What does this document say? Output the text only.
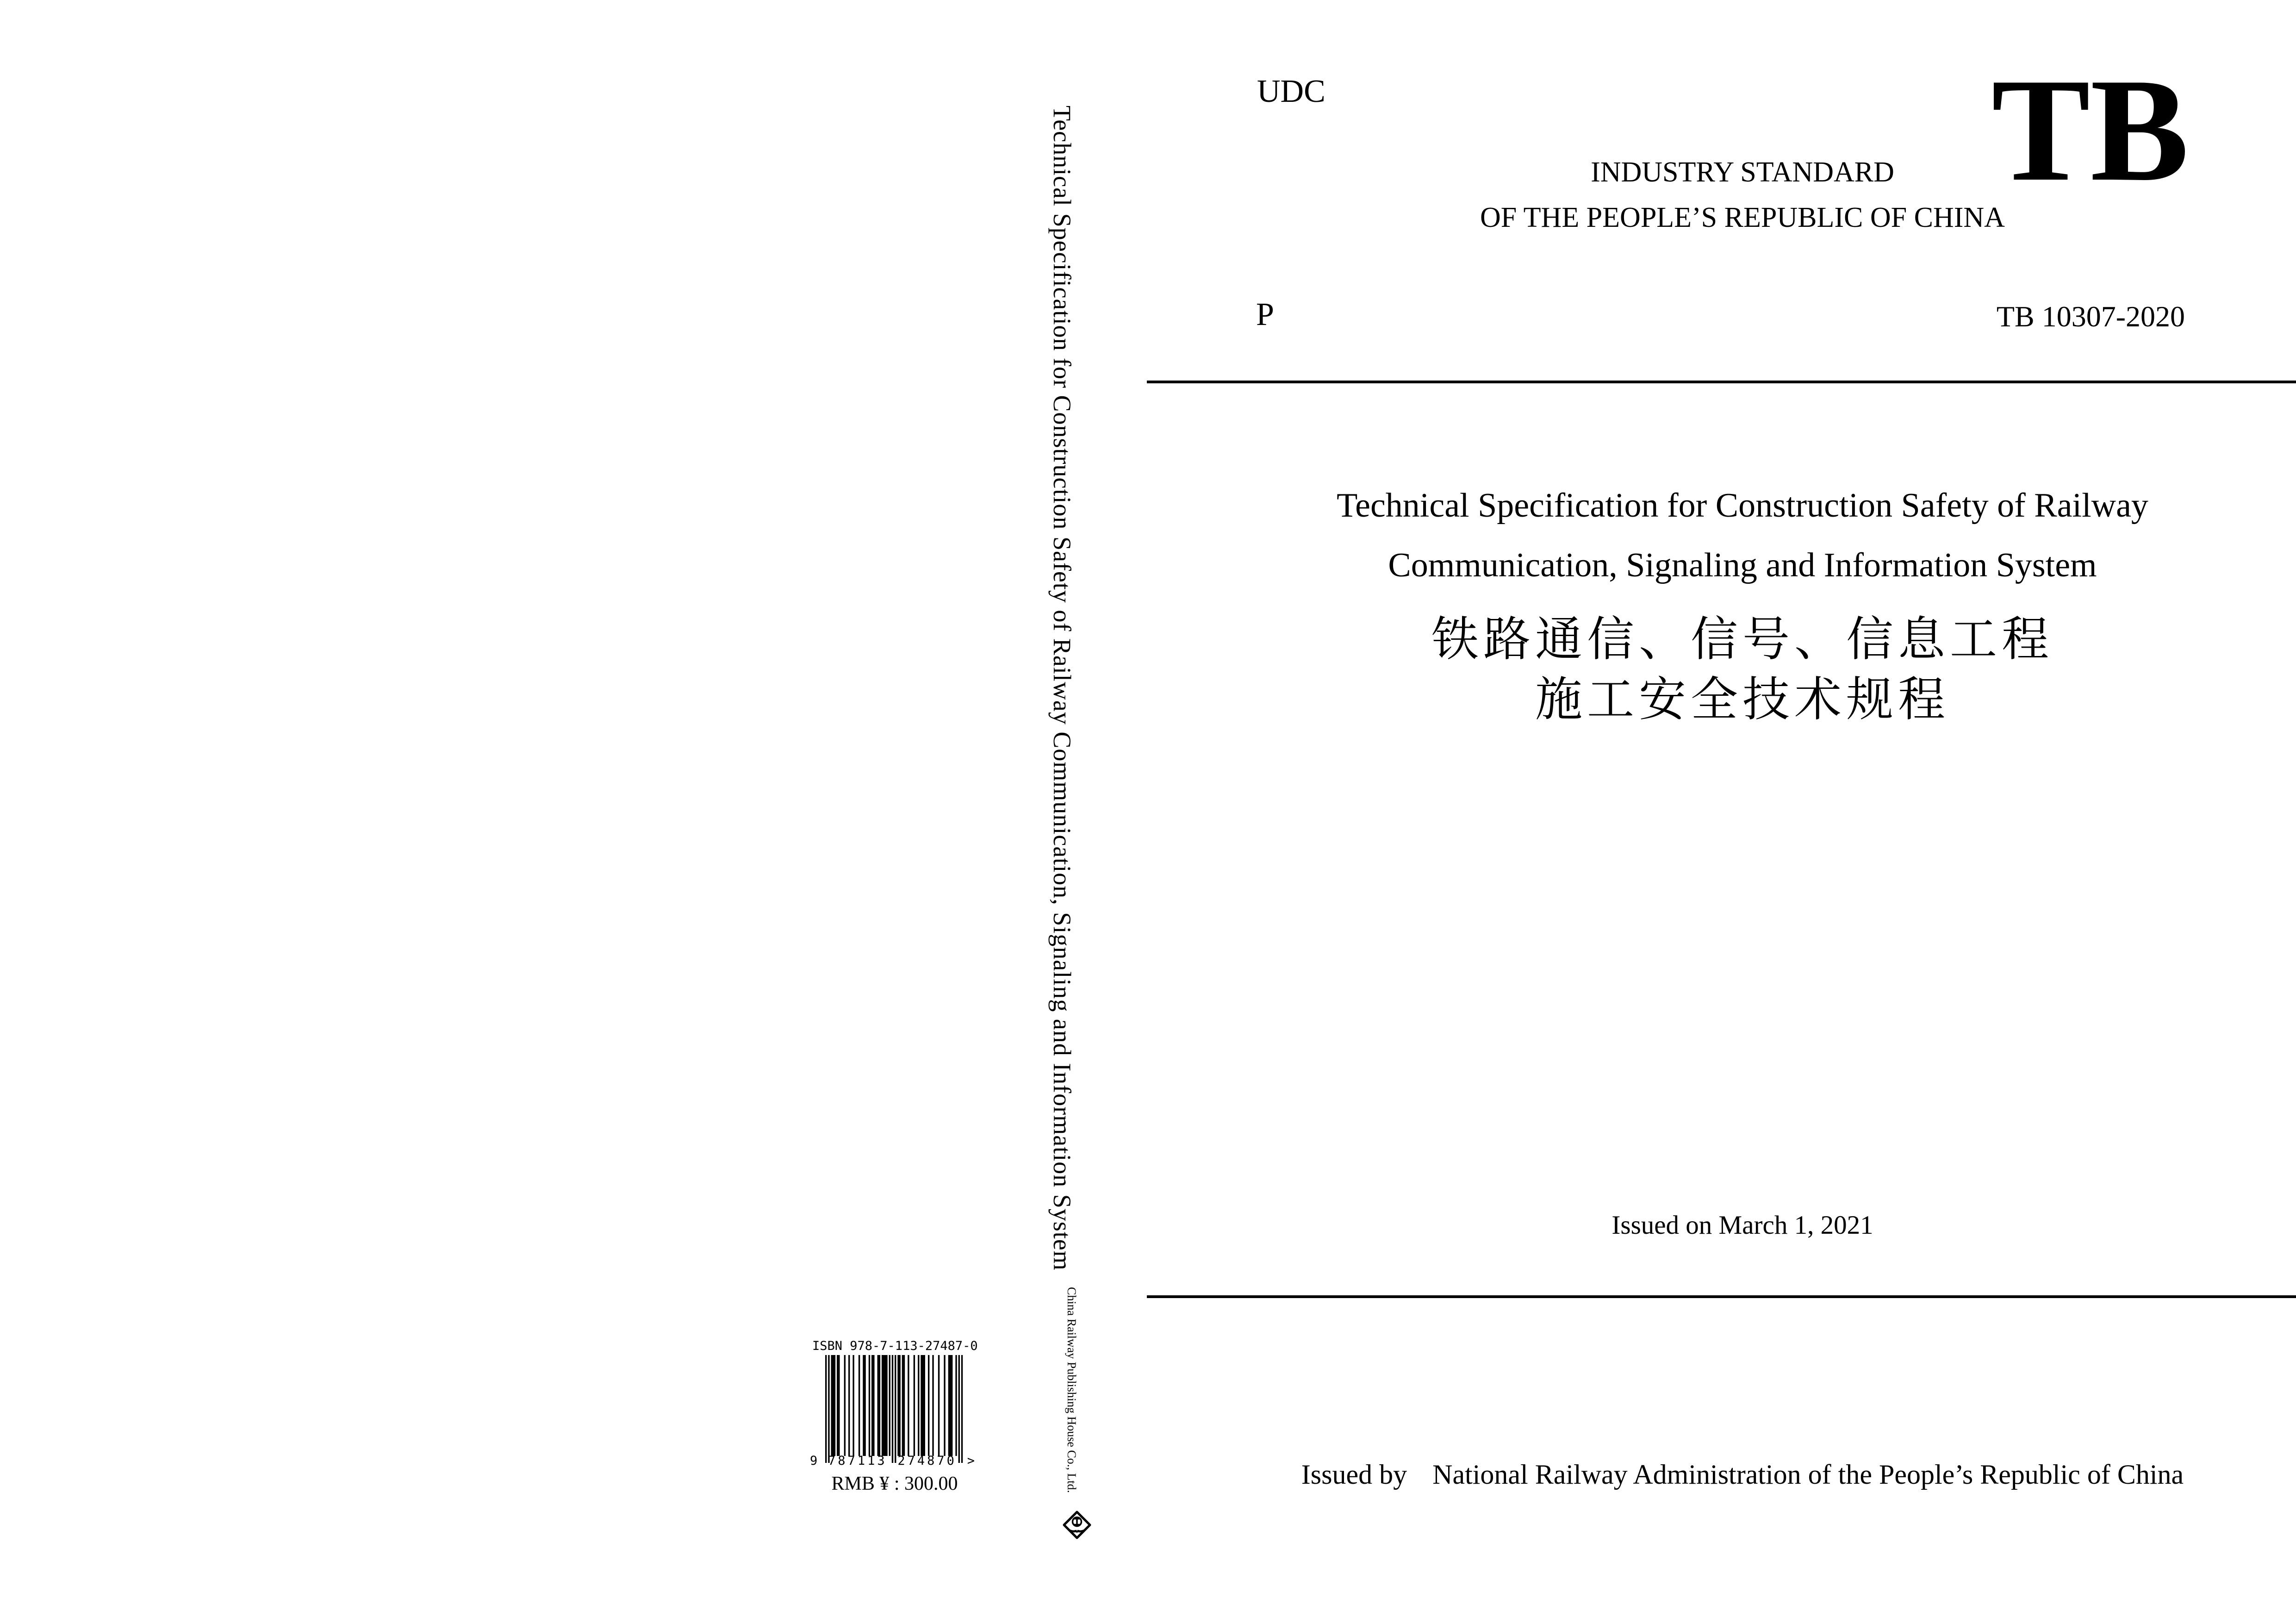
Technical Specification for Construction Safety of Railway Communication, Signaling and Information System
China Railway Publishing House Co., Ltd.
ISBN 978-7-113-27487-0
9 787113 274870 >
RMB ¥ : 300.00
UDC	TB
INDUSTRY STANDARD
OF THE PEOPLE’S REPUBLIC OF CHINA
P	TB 10307-2020
Technical Specification for Construction Safety of Railway
Communication, Signaling and Information System
铁路通信、信号、信息工程
施工安全技术规程
Issued on March 1, 2021
Issued by National Railway Administration of the People’s Republic of China
